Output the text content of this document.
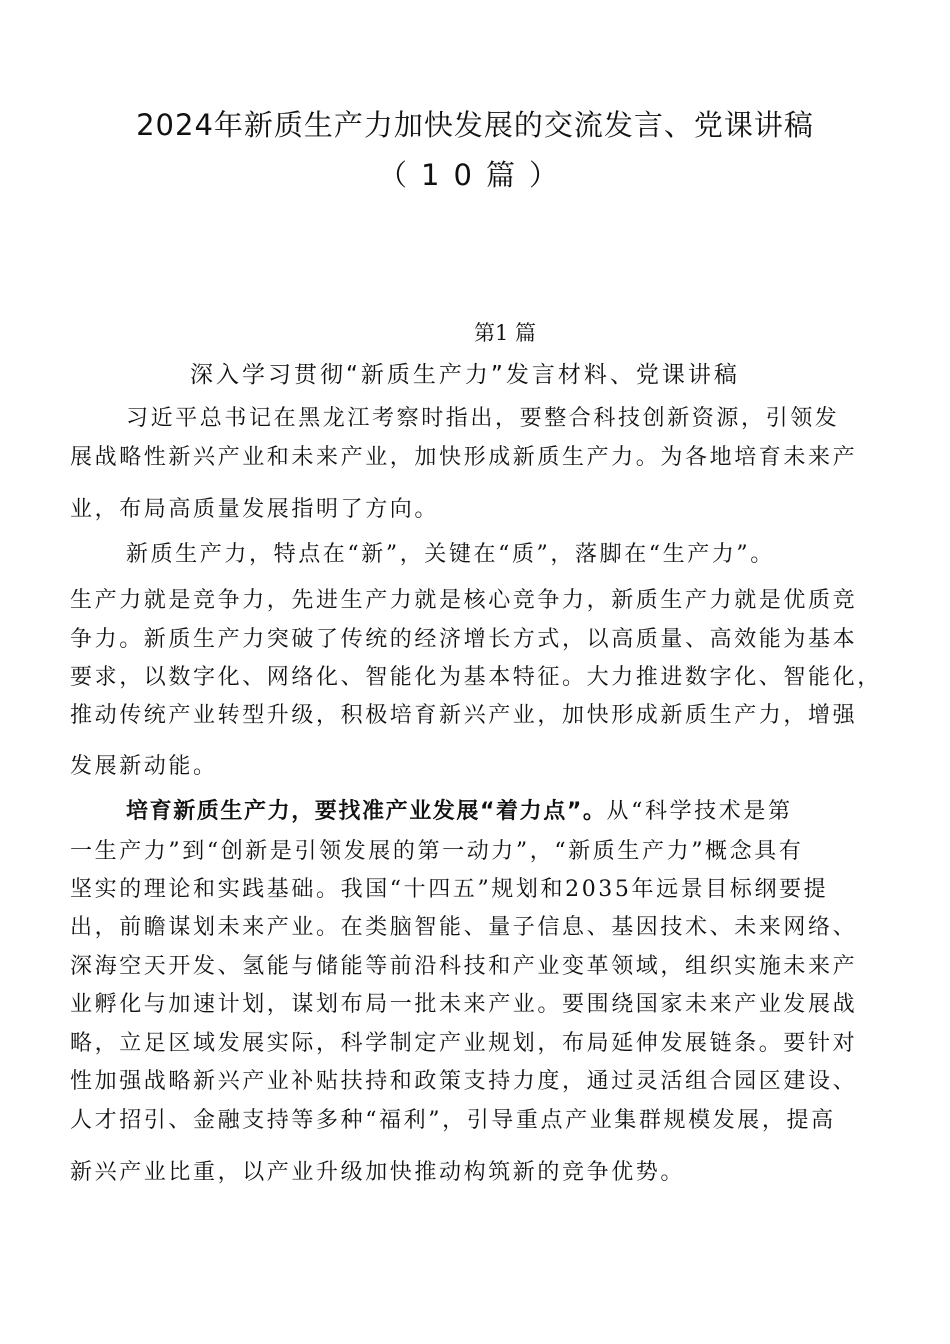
2024年新质生产力加快发展的交流发言、党课讲稿
（10篇）
第1 篇
深入学习贯彻“新质生产力”发言材料、党课讲稿
习近平总书记在黑龙江考察时指出，要整合科技创新资源，引领发
展战略性新兴产业和未来产业，加快形成新质生产力。为各地培育未来产
业，布局高质量发展指明了方向。
新质生产力，特点在“新”，关键在“质”，落脚在“生产力”。
生产力就是竞争力，先进生产力就是核心竞争力，新质生产力就是优质竞
争力。新质生产力突破了传统的经济增长方式，以高质量、高效能为基本
要求，以数字化、网络化、智能化为基本特征。大力推进数字化、智能化，
推动传统产业转型升级，积极培育新兴产业，加快形成新质生产力，增强
发展新动能。
培育新质生产力，要找准产业发展“着力点”。从“科学技术是第
一生产力”到“创新是引领发展的第一动力”，“新质生产力”概念具有
坚实的理论和实践基础。我国“十四五”规划和2035年远景目标纲要提
出，前瞻谋划未来产业。在类脑智能、量子信息、基因技术、未来网络、
深海空天开发、氢能与储能等前沿科技和产业变革领域，组织实施未来产
业孵化与加速计划，谋划布局一批未来产业。要围绕国家未来产业发展战
略，立足区域发展实际，科学制定产业规划，布局延伸发展链条。要针对
性加强战略新兴产业补贴扶持和政策支持力度，通过灵活组合园区建设、
人才招引、金融支持等多种“福利”，引导重点产业集群规模发展，提高
新兴产业比重，以产业升级加快推动构筑新的竞争优势。
